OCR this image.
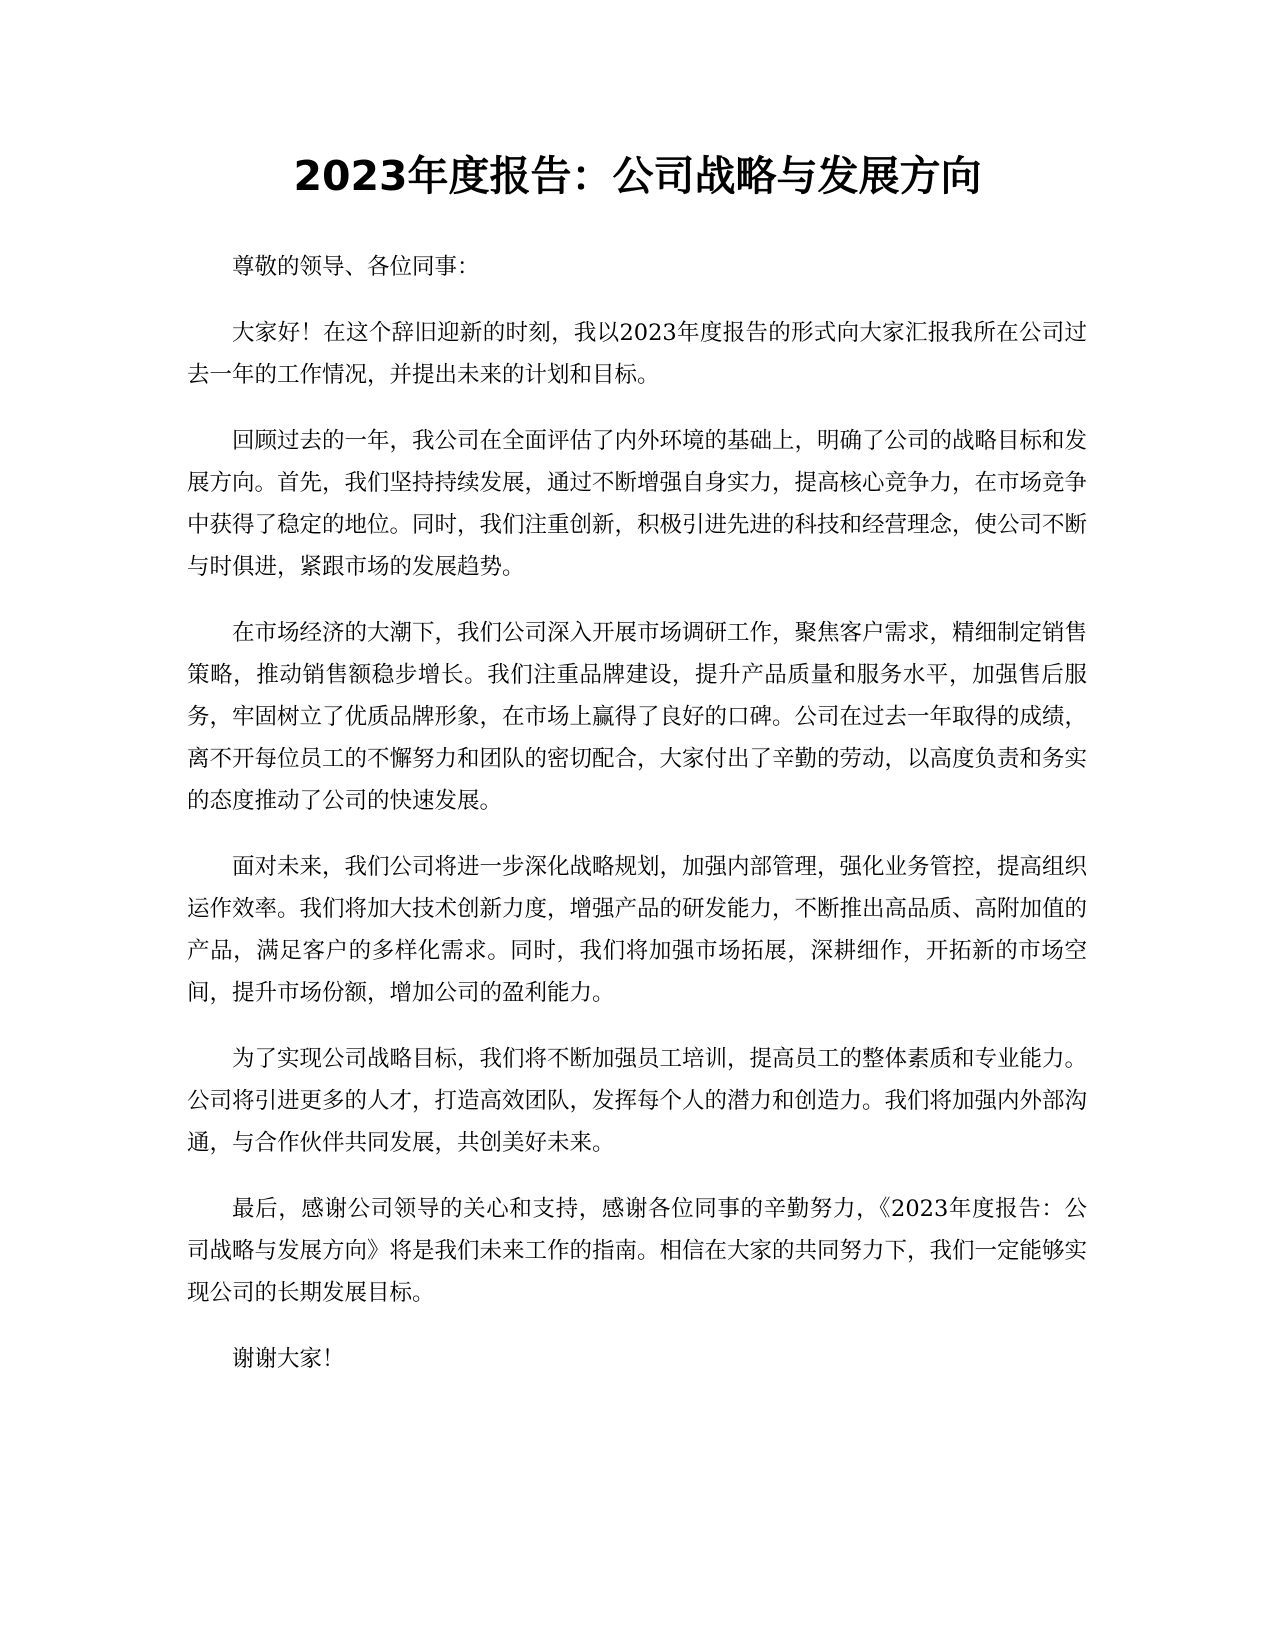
2023年度报告：公司战略与发展方向

尊敬的领导、各位同事：

大家好！在这个辞旧迎新的时刻，我以2023年度报告的形式向大家汇报我所在公司过去一年的工作情况，并提出未来的计划和目标。

回顾过去的一年，我公司在全面评估了内外环境的基础上，明确了公司的战略目标和发展方向。首先，我们坚持持续发展，通过不断增强自身实力，提高核心竞争力，在市场竞争中获得了稳定的地位。同时，我们注重创新，积极引进先进的科技和经营理念，使公司不断与时俱进，紧跟市场的发展趋势。

在市场经济的大潮下，我们公司深入开展市场调研工作，聚焦客户需求，精细制定销售策略，推动销售额稳步增长。我们注重品牌建设，提升产品质量和服务水平，加强售后服务，牢固树立了优质品牌形象，在市场上赢得了良好的口碑。公司在过去一年取得的成绩，离不开每位员工的不懈努力和团队的密切配合，大家付出了辛勤的劳动，以高度负责和务实的态度推动了公司的快速发展。

面对未来，我们公司将进一步深化战略规划，加强内部管理，强化业务管控，提高组织运作效率。我们将加大技术创新力度，增强产品的研发能力，不断推出高品质、高附加值的产品，满足客户的多样化需求。同时，我们将加强市场拓展，深耕细作，开拓新的市场空间，提升市场份额，增加公司的盈利能力。

为了实现公司战略目标，我们将不断加强员工培训，提高员工的整体素质和专业能力。公司将引进更多的人才，打造高效团队，发挥每个人的潜力和创造力。我们将加强内外部沟通，与合作伙伴共同发展，共创美好未来。

最后，感谢公司领导的关心和支持，感谢各位同事的辛勤努力，《2023年度报告：公司战略与发展方向》将是我们未来工作的指南。相信在大家的共同努力下，我们一定能够实现公司的长期发展目标。

谢谢大家！
